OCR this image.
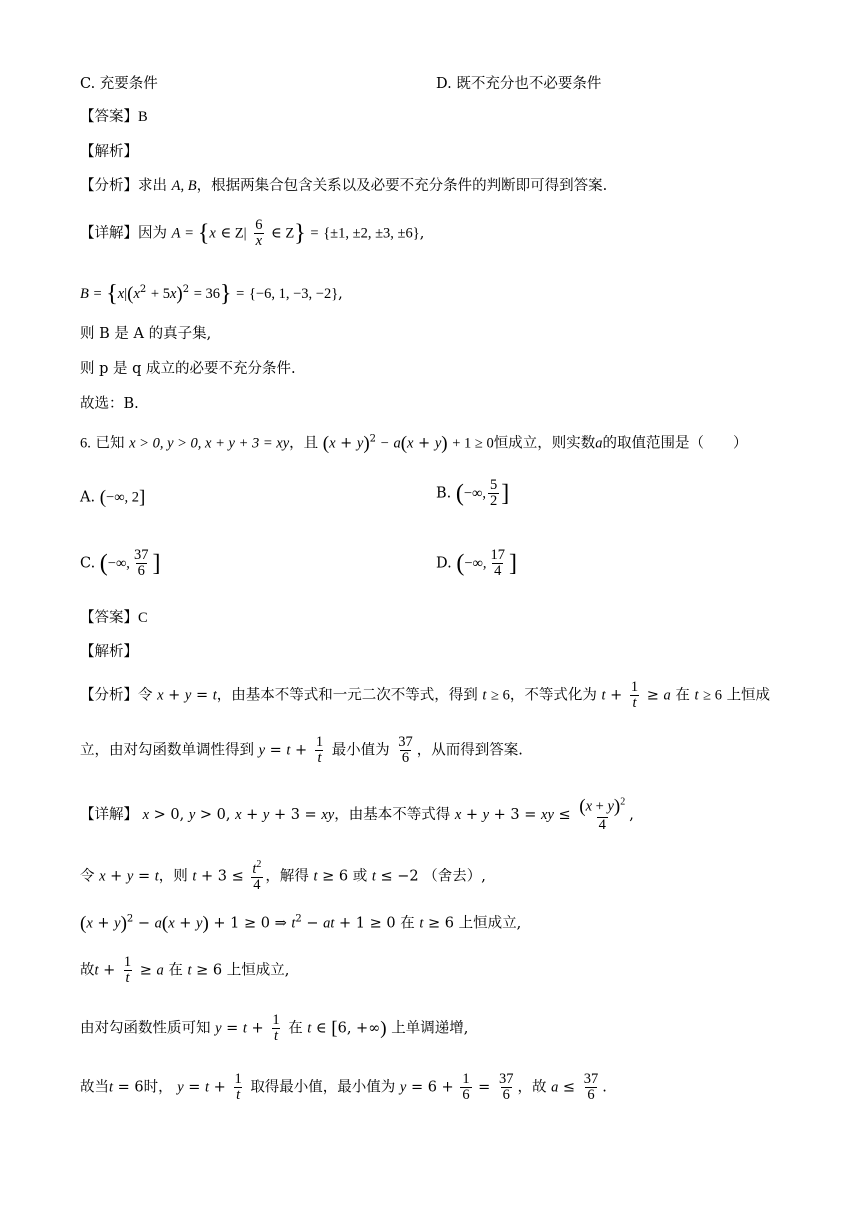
C. 充要条件	D. 既不充分也不必要条件
【答案】B
【解析】
【分析】求出 A, B，根据两集合包含关系以及必要不充分条件的判断即可得到答案.
【详解】因为 A = {x ∈ $Z| \frac{6}{x}$ ∈ Z} = {±1, ±2, ±3, ±6},
$B = \{x|(x^2 + 5x)^2 = 36\} = \{-6$, 1, −3, −2},
则 B 是 A 的真子集,
则 p 是 q 成立的必要不充分条件.
故选：B.
6. 已知 x > 0, y > 0, x + y + 3 = xy，且 $(x + y)^2 - a(x + y) + 1 \ge 0$恒成立，则实数a的取值范围是（　　）
A. (−∞, 2]	B. (−∞, $\frac{5}{2}$ ]
C. (−∞, $\frac{37}{6}$ ]	D. (−∞, $\frac{17}{4}$ ]
【答案】C
【解析】
【分析】令 x + y = t，由基本不等式和一元二次不等式，得到 t ≥ 6，不等式化为 $t + \frac{1}{t} \ge a$ 在 t ≥ 6 上恒成
立，由对勾函数单调性得到 $y = t + \frac{1}{t}$ 最小值为 $\frac{37}{6}$ ，从而得到答案.
【详解】 x > 0, y > 0, x + y + 3 = xy，由基本不等式得 x + y + 3 = xy ≤ $\frac{(x + y)^2}{4}$ ,
令 x + y = t，则 $t + 3 \le \frac{t^2}{4}$ ，解得 t ≥ 6 或 t ≤ −2 （舍去）,
$(x + y)^2 - a(x + y) + 1 \ge 0$ ⇒ $t^2$ − at + 1 ≥ 0 在 t ≥ 6 上恒成立,
故$t + \frac{1}{t} \ge a$ 在 t ≥ 6 上恒成立,
由对勾函数性质可知 $y = t + \frac{1}{t}$ 在 t ∈ [6, +∞) 上单调递增,
故当t = 6时， $y = t + \frac{1}{t}$ 取得最小值，最小值为 $y = 6 + \frac{1}{6} = \frac{37}{6}$ ，故 $a \le \frac{37}{6}$ .
